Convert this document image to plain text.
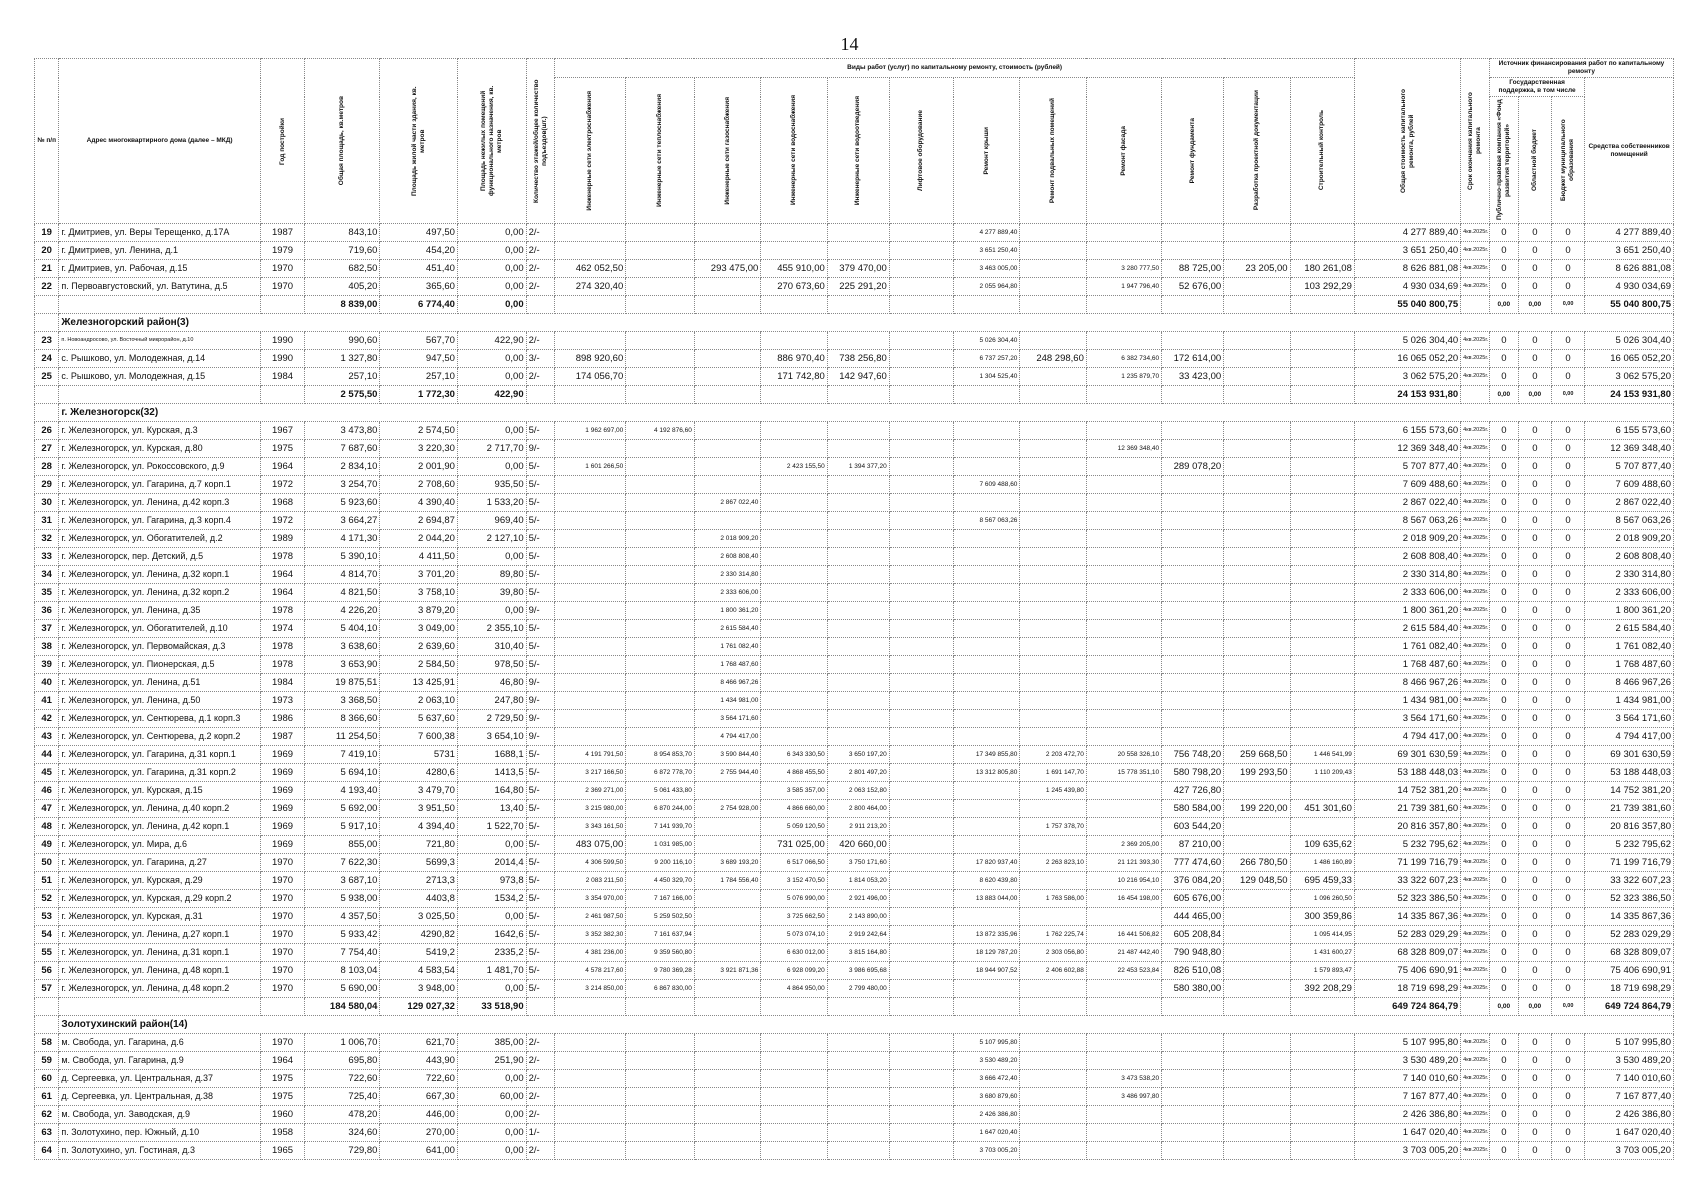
14
№ п/п	Адрес многоквартирного дома (далее – МКД)	Год постройки	Общая площадь, кв.метров	Площадь жилой части здания, кв. метров	Площадь нежилых помещений функционального назначения, кв. метров	Количество этажей/общее количество подъездов(шт.)	Виды работ (услуг) по капитальному ремонту, стоимость (рублей)												Общая стоимость капитального ремонта, рублей	Срок окончания капитального ремонта	Источник финансирования работ по капитальному ремонту			

							Инженерные сети электроснабжения	Инженерные сети теплоснабжения	Инженерные сети газоснабжения	Инженерные сети водоснабжения	Инженерные сети водоотведения	Лифтовое оборудование	Ремонт крыши	Ремонт подвальных помещений	Ремонт фасада	Ремонт фундамента	Разработка проектной документации	Строительный контроль			Государственная поддержка, в том числе			Средства собственников помещений

																					Публично-правовая компания «Фонд развития территорий»	Областной бюджет	Бюджет муниципального образования	

19	г. Дмитриев, ул. Веры Терещенко, д.17А	1987	843,10	497,50	0,00	2/-							4 277 889,40						4 277 889,40	4кв.2025г.	0	0	0	4 277 889,40
20	г. Дмитриев, ул. Ленина, д.1	1979	719,60	454,20	0,00	2/-							3 651 250,40						3 651 250,40	4кв.2025г.	0	0	0	3 651 250,40
21	г. Дмитриев, ул. Рабочая, д.15	1970	682,50	451,40	0,00	2/-	462 052,50		293 475,00	455 910,00	379 470,00		3 463 005,00		3 280 777,50	88 725,00	23 205,00	180 261,08	8 626 881,08	4кв.2025г.	0	0	0	8 626 881,08
22	п. Первоавгустовский, ул. Ватутина, д.5	1970	405,20	365,60	0,00	2/-	274 320,40			270 673,60	225 291,20		2 055 964,80		1 947 796,40	52 676,00		103 292,29	4 930 034,69	4кв.2025г.	0	0	0	4 930 034,69
			8 839,00	6 774,40	0,00														55 040 800,75		0,00	0,00	0,00	55 040 800,75
	Железногорский район(3)																							
23	п. Новоандросово, ул. Восточный микрорайон, д.10	1990	990,60	567,70	422,90	2/-							5 026 304,40						5 026 304,40	4кв.2025г.	0	0	0	5 026 304,40
24	с. Рышково, ул. Молодежная, д.14	1990	1 327,80	947,50	0,00	3/-	898 920,60			886 970,40	738 256,80		6 737 257,20	248 298,60	6 382 734,60	172 614,00			16 065 052,20	4кв.2025г.	0	0	0	16 065 052,20
25	с. Рышково, ул. Молодежная, д.15	1984	257,10	257,10	0,00	2/-	174 056,70			171 742,80	142 947,60		1 304 525,40		1 235 879,70	33 423,00			3 062 575,20	4кв.2025г.	0	0	0	3 062 575,20
			2 575,50	1 772,30	422,90														24 153 931,80		0,00	0,00	0,00	24 153 931,80
	г. Железногорск(32)																							
26	г. Железногорск, ул. Курская, д.3	1967	3 473,80	2 574,50	0,00	5/-	1 962 697,00	4 192 876,60											6 155 573,60	4кв.2025г.	0	0	0	6 155 573,60
27	г. Железногорск, ул. Курская, д.80	1975	7 687,60	3 220,30	2 717,70	9/-									12 369 348,40				12 369 348,40	4кв.2025г.	0	0	0	12 369 348,40
28	г. Железногорск, ул. Рокоссовского, д.9	1964	2 834,10	2 001,90	0,00	5/-	1 601 266,50			2 423 155,50	1 394 377,20					289 078,20			5 707 877,40	4кв.2025г.	0	0	0	5 707 877,40
29	г. Железногорск, ул. Гагарина, д.7 корп.1	1972	3 254,70	2 708,60	935,50	5/-							7 609 488,60						7 609 488,60	4кв.2025г.	0	0	0	7 609 488,60
30	г. Железногорск, ул. Ленина, д.42 корп.3	1968	5 923,60	4 390,40	1 533,20	5/-			2 867 022,40										2 867 022,40	4кв.2025г.	0	0	0	2 867 022,40
31	г. Железногорск, ул. Гагарина, д.3 корп.4	1972	3 664,27	2 694,87	969,40	5/-							8 567 063,26						8 567 063,26	4кв.2025г.	0	0	0	8 567 063,26
32	г. Железногорск, ул. Обогатителей, д.2	1989	4 171,30	2 044,20	2 127,10	5/-			2 018 909,20										2 018 909,20	4кв.2025г.	0	0	0	2 018 909,20
33	г. Железногорск, пер. Детский, д.5	1978	5 390,10	4 411,50	0,00	5/-			2 608 808,40										2 608 808,40	4кв.2025г.	0	0	0	2 608 808,40
34	г. Железногорск, ул. Ленина, д.32 корп.1	1964	4 814,70	3 701,20	89,80	5/-			2 330 314,80										2 330 314,80	4кв.2025г.	0	0	0	2 330 314,80
35	г. Железногорск, ул. Ленина, д.32 корп.2	1964	4 821,50	3 758,10	39,80	5/-			2 333 606,00										2 333 606,00	4кв.2025г.	0	0	0	2 333 606,00
36	г. Железногорск, ул. Ленина, д.35	1978	4 226,20	3 879,20	0,00	9/-			1 800 361,20										1 800 361,20	4кв.2025г.	0	0	0	1 800 361,20
37	г. Железногорск, ул. Обогатителей, д.10	1974	5 404,10	3 049,00	2 355,10	5/-			2 615 584,40										2 615 584,40	4кв.2025г.	0	0	0	2 615 584,40
38	г. Железногорск, ул. Первомайская, д.3	1978	3 638,60	2 639,60	310,40	5/-			1 761 082,40										1 761 082,40	4кв.2025г.	0	0	0	1 761 082,40
39	г. Железногорск, ул. Пионерская, д.5	1978	3 653,90	2 584,50	978,50	5/-			1 768 487,60										1 768 487,60	4кв.2025г.	0	0	0	1 768 487,60
40	г. Железногорск, ул. Ленина, д.51	1984	19 875,51	13 425,91	46,80	9/-			8 466 967,26										8 466 967,26	4кв.2025г.	0	0	0	8 466 967,26
41	г. Железногорск, ул. Ленина, д.50	1973	3 368,50	2 063,10	247,80	9/-			1 434 981,00										1 434 981,00	4кв.2025г.	0	0	0	1 434 981,00
42	г. Железногорск, ул. Сентюрева, д.1 корп.3	1986	8 366,60	5 637,60	2 729,50	9/-			3 564 171,60										3 564 171,60	4кв.2025г.	0	0	0	3 564 171,60
43	г. Железногорск, ул. Сентюрева, д.2 корп.2	1987	11 254,50	7 600,38	3 654,10	9/-			4 794 417,00										4 794 417,00	4кв.2025г.	0	0	0	4 794 417,00
44	г. Железногорск, ул. Гагарина, д.31 корп.1	1969	7 419,10	5731	1688,1	5/-	4 191 791,50	8 954 853,70	3 590 844,40	6 343 330,50	3 650 197,20		17 349 855,80	2 203 472,70	20 558 326,10	756 748,20	259 668,50	1 446 541,99	69 301 630,59	4кв.2025г.	0	0	0	69 301 630,59
45	г. Железногорск, ул. Гагарина, д.31 корп.2	1969	5 694,10	4280,6	1413,5	5/-	3 217 166,50	6 872 778,70	2 755 944,40	4 868 455,50	2 801 497,20		13 312 805,80	1 691 147,70	15 778 351,10	580 798,20	199 293,50	1 110 209,43	53 188 448,03	4кв.2025г.	0	0	0	53 188 448,03
46	г. Железногорск, ул. Курская, д.15	1969	4 193,40	3 479,70	164,80	5/-	2 369 271,00	5 061 433,80		3 585 357,00	2 063 152,80			1 245 439,80		427 726,80			14 752 381,20	4кв.2025г.	0	0	0	14 752 381,20
47	г. Железногорск, ул. Ленина, д.40 корп.2	1969	5 692,00	3 951,50	13,40	5/-	3 215 980,00	6 870 244,00	2 754 928,00	4 866 660,00	2 800 464,00					580 584,00	199 220,00	451 301,60	21 739 381,60	4кв.2025г.	0	0	0	21 739 381,60
48	г. Железногорск, ул. Ленина, д.42 корп.1	1969	5 917,10	4 394,40	1 522,70	5/-	3 343 161,50	7 141 939,70		5 059 120,50	2 911 213,20			1 757 378,70		603 544,20			20 816 357,80	4кв.2025г.	0	0	0	20 816 357,80
49	г. Железногорск, ул. Мира, д.6	1969	855,00	721,80	0,00	5/-	483 075,00	1 031 985,00		731 025,00	420 660,00				2 369 205,00	87 210,00		109 635,62	5 232 795,62	4кв.2025г.	0	0	0	5 232 795,62
50	г. Железногорск, ул. Гагарина, д.27	1970	7 622,30	5699,3	2014,4	5/-	4 306 599,50	9 200 116,10	3 689 193,20	6 517 066,50	3 750 171,60		17 820 937,40	2 263 823,10	21 121 393,30	777 474,60	266 780,50	1 486 160,89	71 199 716,79	4кв.2025г.	0	0	0	71 199 716,79
51	г. Железногорск, ул. Курская, д.29	1970	3 687,10	2713,3	973,8	5/-	2 083 211,50	4 450 329,70	1 784 556,40	3 152 470,50	1 814 053,20		8 620 439,80		10 216 954,10	376 084,20	129 048,50	695 459,33	33 322 607,23	4кв.2025г.	0	0	0	33 322 607,23
52	г. Железногорск, ул. Курская, д.29 корп.2	1970	5 938,00	4403,8	1534,2	5/-	3 354 970,00	7 167 166,00		5 076 990,00	2 921 496,00		13 883 044,00	1 763 586,00	16 454 198,00	605 676,00		1 096 260,50	52 323 386,50	4кв.2025г.	0	0	0	52 323 386,50
53	г. Железногорск, ул. Курская, д.31	1970	4 357,50	3 025,50	0,00	5/-	2 461 987,50	5 259 502,50		3 725 662,50	2 143 890,00					444 465,00		300 359,86	14 335 867,36	4кв.2025г.	0	0	0	14 335 867,36
54	г. Железногорск, ул. Ленина, д.27 корп.1	1970	5 933,42	4290,82	1642,6	5/-	3 352 382,30	7 161 637,94		5 073 074,10	2 919 242,64		13 872 335,96	1 762 225,74	16 441 506,82	605 208,84		1 095 414,95	52 283 029,29	4кв.2025г.	0	0	0	52 283 029,29
55	г. Железногорск, ул. Ленина, д.31 корп.1	1970	7 754,40	5419,2	2335,2	5/-	4 381 236,00	9 359 560,80		6 630 012,00	3 815 164,80		18 129 787,20	2 303 056,80	21 487 442,40	790 948,80		1 431 600,27	68 328 809,07	4кв.2025г.	0	0	0	68 328 809,07
56	г. Железногорск, ул. Ленина, д.48 корп.1	1970	8 103,04	4 583,54	1 481,70	5/-	4 578 217,60	9 780 369,28	3 921 871,36	6 928 099,20	3 986 695,68		18 944 907,52	2 406 602,88	22 453 523,84	826 510,08		1 579 893,47	75 406 690,91	4кв.2025г.	0	0	0	75 406 690,91
57	г. Железногорск, ул. Ленина, д.48 корп.2	1970	5 690,00	3 948,00	0,00	5/-	3 214 850,00	6 867 830,00		4 864 950,00	2 799 480,00					580 380,00		392 208,29	18 719 698,29	4кв.2025г.	0	0	0	18 719 698,29
			184 580,04	129 027,32	33 518,90														649 724 864,79		0,00	0,00	0,00	649 724 864,79
	Золотухинский район(14)																							
58	м. Свобода, ул. Гагарина, д.6	1970	1 006,70	621,70	385,00	2/-							5 107 995,80						5 107 995,80	4кв.2025г.	0	0	0	5 107 995,80
59	м. Свобода, ул. Гагарина, д.9	1964	695,80	443,90	251,90	2/-							3 530 489,20						3 530 489,20	4кв.2025г.	0	0	0	3 530 489,20
60	д. Сергеевка, ул. Центральная, д.37	1975	722,60	722,60	0,00	2/-							3 666 472,40		3 473 538,20				7 140 010,60	4кв.2025г.	0	0	0	7 140 010,60
61	д. Сергеевка, ул. Центральная, д.38	1975	725,40	667,30	60,00	2/-							3 680 879,60		3 486 997,80				7 167 877,40	4кв.2025г.	0	0	0	7 167 877,40
62	м. Свобода, ул. Заводская, д.9	1960	478,20	446,00	0,00	2/-							2 426 386,80						2 426 386,80	4кв.2025г.	0	0	0	2 426 386,80
63	п. Золотухино, пер. Южный, д.10	1958	324,60	270,00	0,00	1/-							1 647 020,40						1 647 020,40	4кв.2025г.	0	0	0	1 647 020,40
64	п. Золотухино, ул. Гостиная, д.3	1965	729,80	641,00	0,00	2/-							3 703 005,20						3 703 005,20	4кв.2025г.	0	0	0	3 703 005,20
